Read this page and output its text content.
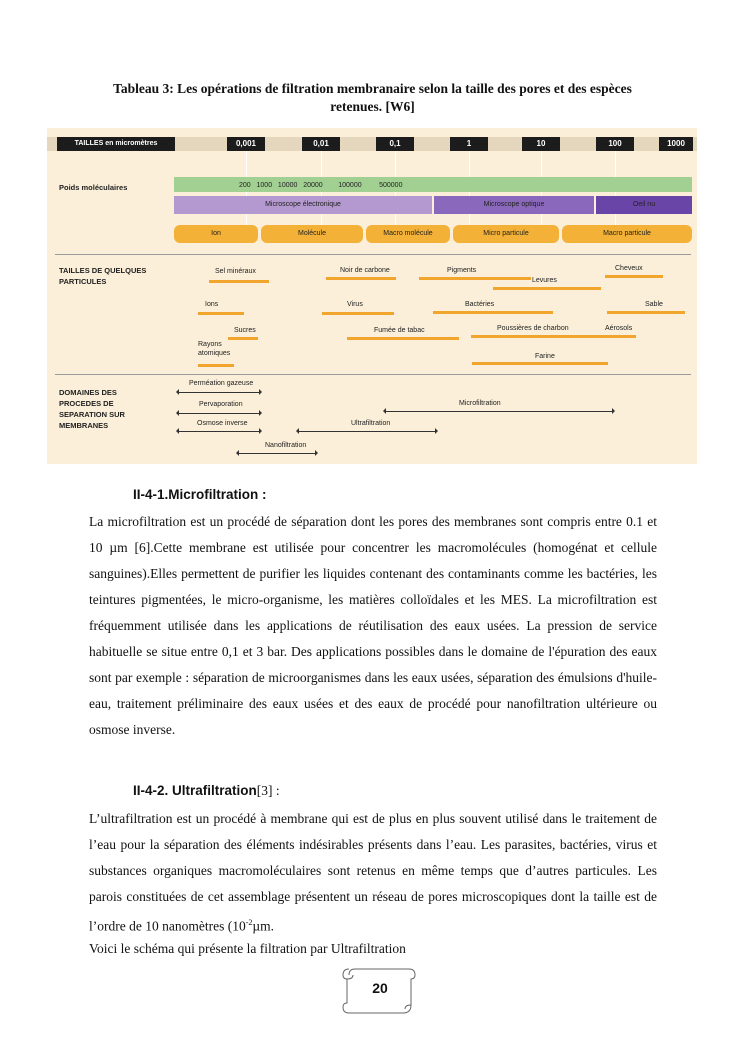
Tableau 3: Les opérations de filtration membranaire selon la taille des pores et des espèces retenues. [W6]
TAILLES en micromètres	0,001	0,01	0,1	1	10	100	1000
Poids moléculaires
TAILLES DE QUELQUES PARTICULES
DOMAINES DES PROCEDES DE SEPARATION SUR MEMBRANES
200   1000   10000   20000        100000         500000
Microscope électronique	Microscope optique	Oeil nu
Ion	Molécule	Macro molécule	Micro particule	Macro particule
Sel minéraux	Noir de carbone	Pigments	Cheveux
Levures
Ions	Virus	Bactéries	Sable
Sucres	Fumée de tabac	Poussières de charbon	Aérosols
Rayons atomiques	Farine
Perméation gazeuse
Pervaporation
Osmose inverse	Ultrafiltration
Microfiltration
Nanofiltration
II-4-1.Microfiltration :

La microfiltration est un procédé de séparation dont les pores des membranes sont compris entre 0.1 et 10 µm [6].Cette membrane est utilisée pour concentrer les macromolécules (homogénat et cellule sanguines).Elles permettent de purifier les liquides contenant des contaminants comme les bactéries, les teintures pigmentées, le micro-organisme, les matières colloïdales et les MES. La microfiltration est fréquemment utilisée dans les applications de réutilisation des eaux usées. La pression de service habituelle se situe entre 0,1 et 3 bar. Des applications possibles dans le domaine de l'épuration des eaux sont par exemple : séparation de microorganismes dans les eaux usées, séparation des émulsions d'huile-eau, traitement préliminaire des eaux usées et des eaux de procédé pour nanofiltration ultérieure ou osmose inverse.

II-4-2. Ultrafiltration[3] :

L’ultrafiltration est un procédé à membrane qui est de plus en plus souvent utilisé dans le traitement de l’eau pour la séparation des éléments indésirables présents dans l’eau. Les parasites, bactéries, virus et substances organiques macromoléculaires sont retenus en même temps que d’autres particules. Les parois constituées de cet assemblage présentent un réseau de pores microscopiques dont la taille est de l’ordre de 10 nanomètres ($10^{-2}\mu m$.

Voici le schéma qui présente la filtration par Ultrafiltration
20
